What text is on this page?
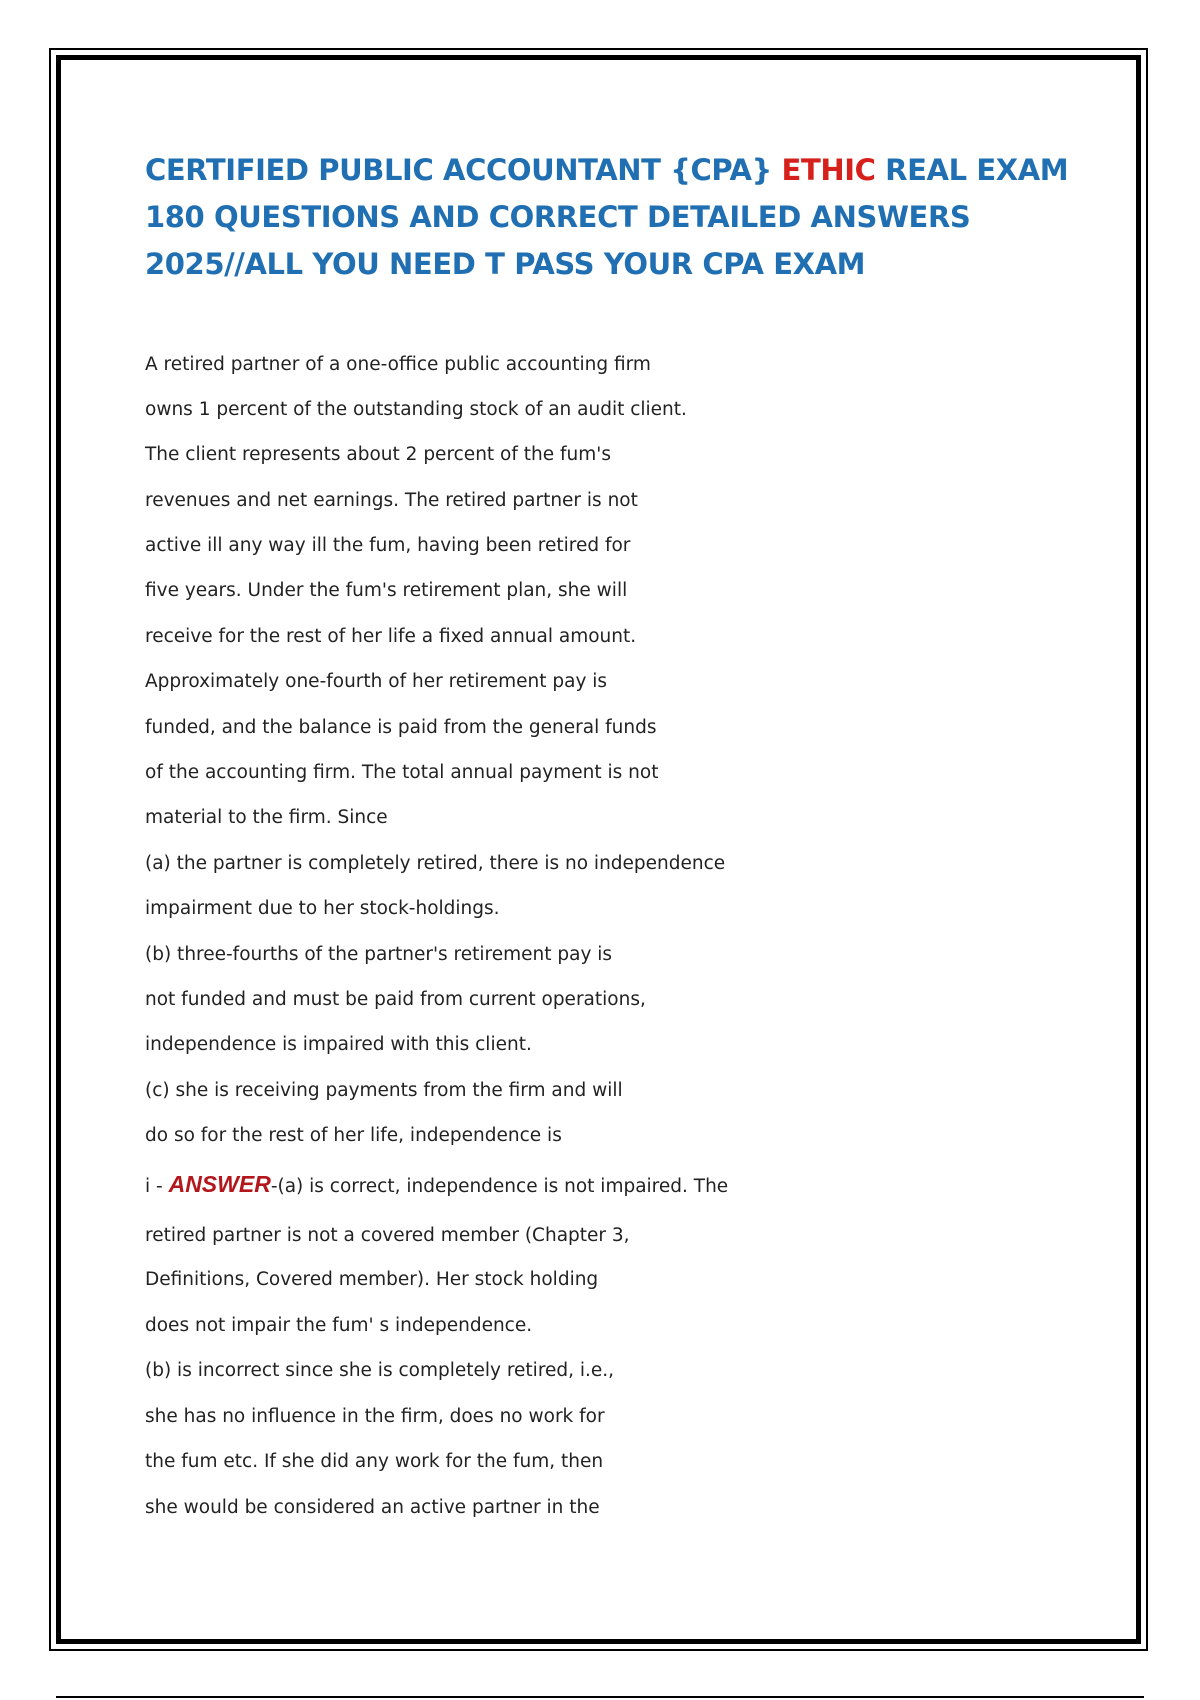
CERTIFIED PUBLIC ACCOUNTANT {CPA} ETHIC REAL EXAM
180 QUESTIONS AND CORRECT DETAILED ANSWERS
2025//ALL YOU NEED T PASS YOUR CPA EXAM
A retired partner of a one-office public accounting firm
owns 1 percent of the outstanding stock of an audit client.
The client represents about 2 percent of the fum's
revenues and net earnings. The retired partner is not
active ill any way ill the fum, having been retired for
five years. Under the fum's retirement plan, she will
receive for the rest of her life a fixed annual amount.
Approximately one-fourth of her retirement pay is
funded, and the balance is paid from the general funds
of the accounting firm. The total annual payment is not
material to the firm. Since
(a) the partner is completely retired, there is no independence
impairment due to her stock-holdings.
(b) three-fourths of the partner's retirement pay is
not funded and must be paid from current operations,
independence is impaired with this client.
(c) she is receiving payments from the firm and will
do so for the rest of her life, independence is
i - ANSWER-(a) is correct, independence is not impaired. The
retired partner is not a covered member (Chapter 3,
Definitions, Covered member). Her stock holding
does not impair the fum' s independence.
(b) is incorrect since she is completely retired, i.e.,
she has no influence in the firm, does no work for
the fum etc. If she did any work for the fum, then
she would be considered an active partner in the
